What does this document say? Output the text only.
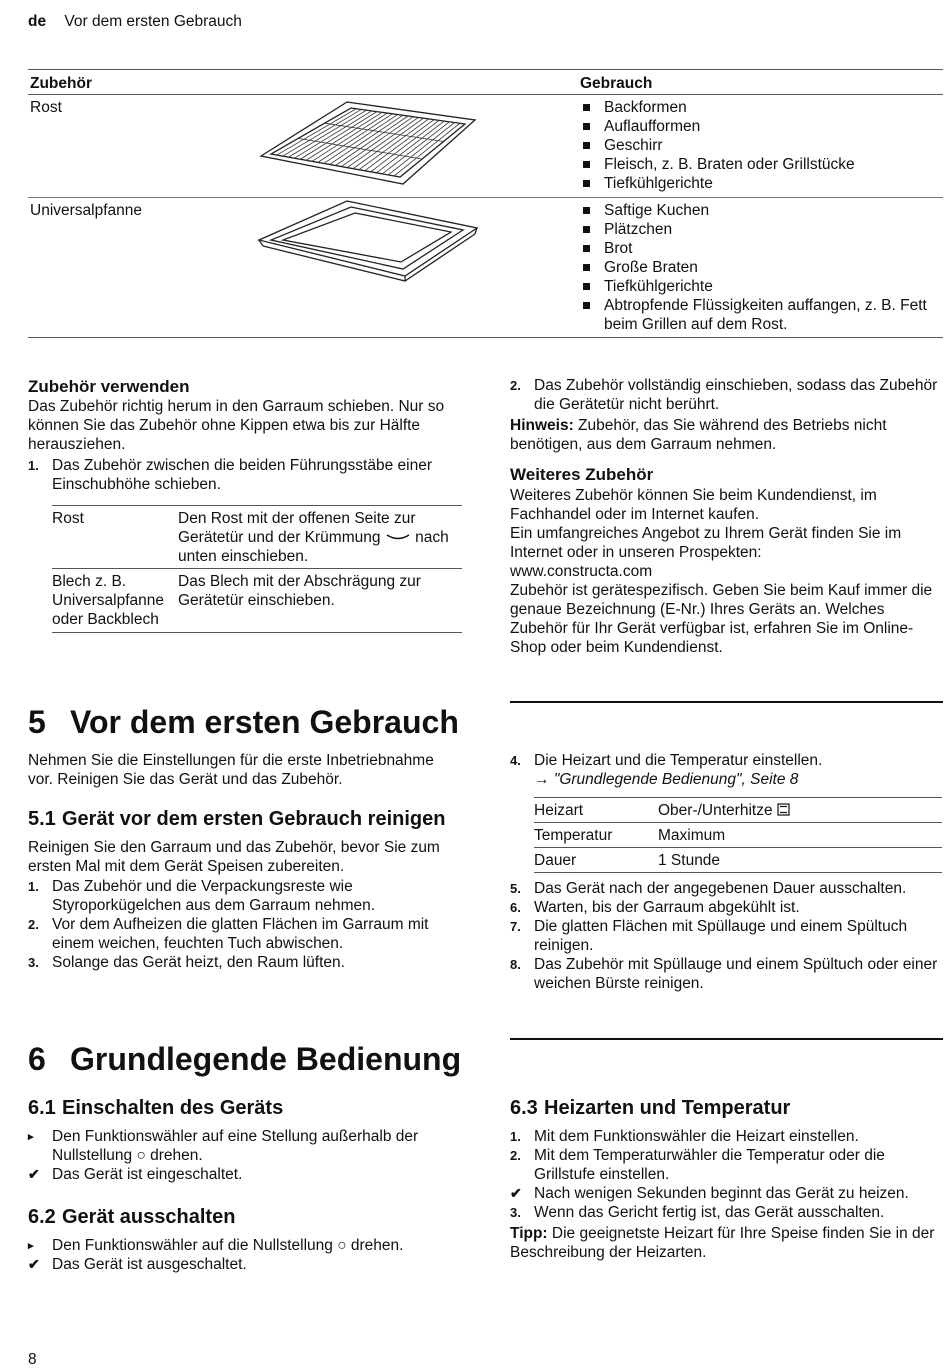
de Vor dem ersten Gebrauch
Zubehör	Gebrauch
Rost	Backformen
Auflaufformen
Geschirr
Fleisch, z. B. Braten oder Grillstücke
Tiefkühlgerichte
Universalpfanne	Saftige Kuchen
Plätzchen
Brot
Große Braten
Tiefkühlgerichte
Abtropfende Flüssigkeiten auffangen, z. B. Fett beim Grillen auf dem Rost.
Zubehör verwenden

Das Zubehör richtig herum in den Garraum schieben. Nur so können Sie das Zubehör ohne Kippen etwa bis zur Hälfte herausziehen.

1. Das Zubehör zwischen die beiden Führungsstäbe einer Einschubhöhe schieben.
Rost	Den Rost mit der offenen Seite zur Gerätetür und der Krümmung nach unten einschieben.
Blech z. B. Universalpfanne oder Backblech	Das Blech mit der Abschrägung zur Gerätetür einschieben.
2. Das Zubehör vollständig einschieben, sodass das Zubehör die Gerätetür nicht berührt.

Hinweis: Zubehör, das Sie während des Betriebs nicht benötigen, aus dem Garraum nehmen.

Weiteres Zubehör

Weiteres Zubehör können Sie beim Kundendienst, im Fachhandel oder im Internet kaufen.
Ein umfangreiches Angebot zu Ihrem Gerät finden Sie im Internet oder in unseren Prospekten:
www.constructa.com
Zubehör ist gerätespezifisch. Geben Sie beim Kauf immer die genaue Bezeichnung (E-Nr.) Ihres Geräts an. Welches Zubehör für Ihr Gerät verfügbar ist, erfahren Sie im Online-Shop oder beim Kundendienst.

5 Vor dem ersten Gebrauch

Nehmen Sie die Einstellungen für die erste Inbetriebnahme vor. Reinigen Sie das Gerät und das Zubehör.

5.1 Gerät vor dem ersten Gebrauch reinigen

Reinigen Sie den Garraum und das Zubehör, bevor Sie zum ersten Mal mit dem Gerät Speisen zubereiten.

1. Das Zubehör und die Verpackungsreste wie Styroporkügelchen aus dem Garraum nehmen.
2. Vor dem Aufheizen die glatten Flächen im Garraum mit einem weichen, feuchten Tuch abwischen.
3. Solange das Gerät heizt, den Raum lüften.
4. Die Heizart und die Temperatur einstellen.
→ "Grundlegende Bedienung", Seite 8
Heizart	Ober-/Unterhitze
Temperatur	Maximum
Dauer	1 Stunde
5. Das Gerät nach der angegebenen Dauer ausschalten.
6. Warten, bis der Garraum abgekühlt ist.
7. Die glatten Flächen mit Spüllauge und einem Spültuch reinigen.
8. Das Zubehör mit Spüllauge und einem Spültuch oder einer weichen Bürste reinigen.
6 Grundlegende Bedienung
6.1 Einschalten des Geräts
▸ Den Funktionswähler auf eine Stellung außerhalb der Nullstellung ○ drehen.
✔ Das Gerät ist eingeschaltet.
6.2 Gerät ausschalten
▸ Den Funktionswähler auf die Nullstellung ○ drehen.
✔ Das Gerät ist ausgeschaltet.
6.3 Heizarten und Temperatur
1. Mit dem Funktionswähler die Heizart einstellen.
2. Mit dem Temperaturwähler die Temperatur oder die Grillstufe einstellen.
✔ Nach wenigen Sekunden beginnt das Gerät zu heizen.
3. Wenn das Gericht fertig ist, das Gerät ausschalten.

Tipp: Die geeignetste Heizart für Ihre Speise finden Sie in der Beschreibung der Heizarten.

8
